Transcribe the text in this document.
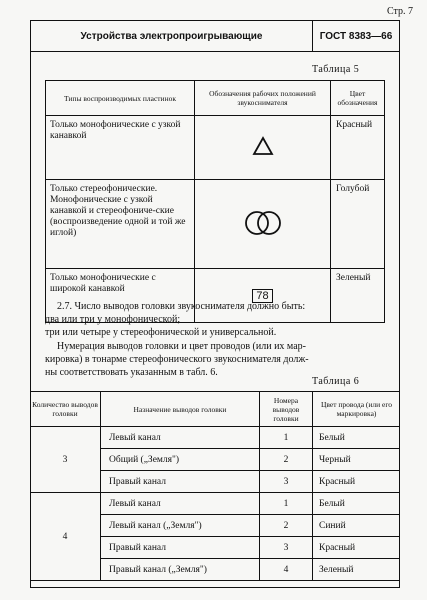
Стр. 7
Устройства электропроигрывающие	ГОСТ 8383—66
Таблица 5
Типы воспроизводимых пластинок	Обозначения рабочих положений звукоснимателя	Цвет обозначения
Только монофонические с узкой канавкой		Красный
Только стереофонические. Монофонические с узкой канавкой и стереофониче-ские (воспроизведение одной и той же иглой)		Голубой
Только монофонические с широкой канавкой	78	Зеленый
2.7. Число выводов головки звукоснимателя должно быть:
два или три у монофонической;
три или четыре у стереофонической и универсальной.
Нумерация выводов головки и цвет проводов (или их мар-
кировка) в тонарме стереофонического звукоснимателя долж-
ны соответствовать указанным в табл. 6.
Таблица 6
Количество выводов головки	Назначение выводов головки	Номера выводов головки	Цвет провода (или его маркировка)
3	Левый канал	1	Белый
	Общий („Земля")	2	Черный
	Правый канал	3	Красный
4	Левый канал	1	Белый
	Левый канал („Земля")	2	Синий
	Правый канал	3	Красный
	Правый канал („Земля")	4	Зеленый
